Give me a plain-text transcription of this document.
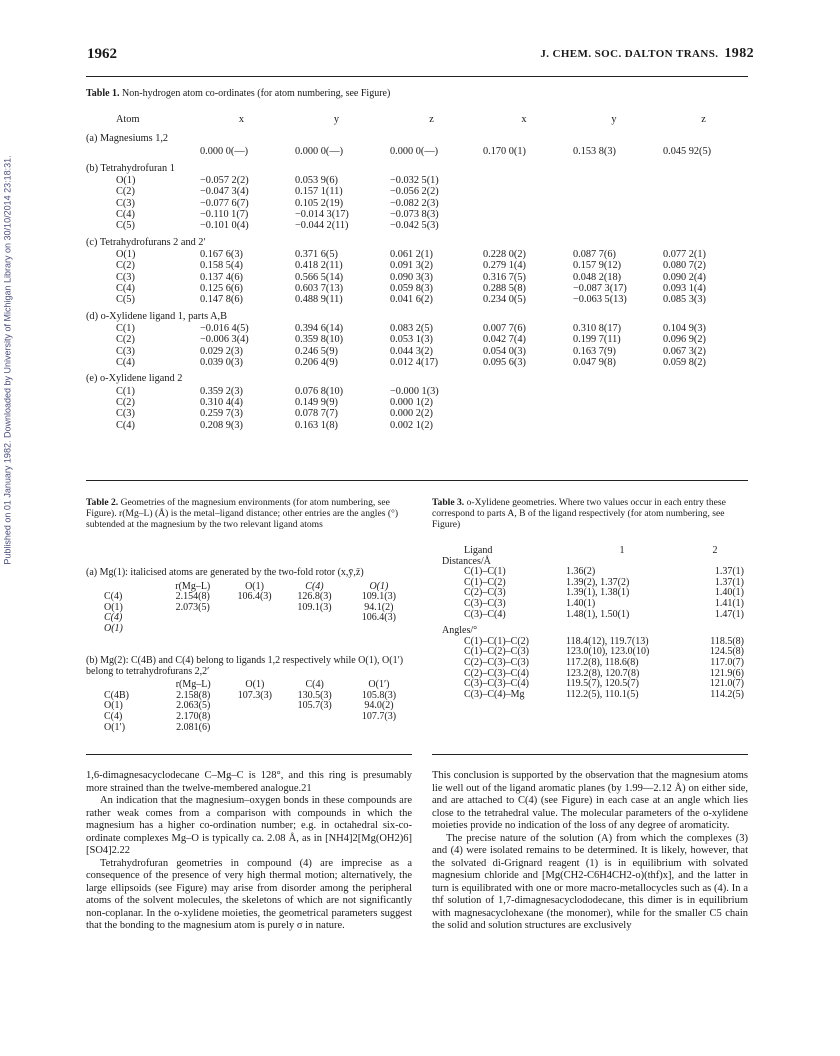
Published on 01 January 1982. Downloaded by University of Michigan Library on 30/10/2014 23:18:31.
1962	J. CHEM. SOC. DALTON TRANS. 1982
Table 1. Non-hydrogen atom co-ordinates (for atom numbering, see Figure)
Atom	x	y	z	x	y	z
(a) Magnesiums 1,2						
	0.000 0(—)	0.000 0(—)	0.000 0(—)	0.170 0(1)	0.153 8(3)	0.045 92(5)
(b) Tetrahydrofuran 1						
O(1)	−0.057 2(2)	0.053 9(6)	−0.032 5(1)			
C(2)	−0.047 3(4)	0.157 1(11)	−0.056 2(2)			
C(3)	−0.077 6(7)	0.105 2(19)	−0.082 2(3)			
C(4)	−0.110 1(7)	−0.014 3(17)	−0.073 8(3)			
C(5)	−0.101 0(4)	−0.044 2(11)	−0.042 5(3)			
(c) Tetrahydrofurans 2 and 2′						
O(1)	0.167 6(3)	0.371 6(5)	0.061 2(1)	0.228 0(2)	0.087 7(6)	0.077 2(1)
C(2)	0.158 5(4)	0.418 2(11)	0.091 3(2)	0.279 1(4)	0.157 9(12)	0.080 7(2)
C(3)	0.137 4(6)	0.566 5(14)	0.090 3(3)	0.316 7(5)	0.048 2(18)	0.090 2(4)
C(4)	0.125 6(6)	0.603 7(13)	0.059 8(3)	0.288 5(8)	−0.087 3(17)	0.093 1(4)
C(5)	0.147 8(6)	0.488 9(11)	0.041 6(2)	0.234 0(5)	−0.063 5(13)	0.085 3(3)
(d) o-Xylidene ligand 1, parts A,B						
C(1)	−0.016 4(5)	0.394 6(14)	0.083 2(5)	0.007 7(6)	0.310 8(17)	0.104 9(3)
C(2)	−0.006 3(4)	0.359 8(10)	0.053 1(3)	0.042 7(4)	0.199 7(11)	0.096 9(2)
C(3)	0.029 2(3)	0.246 5(9)	0.044 3(2)	0.054 0(3)	0.163 7(9)	0.067 3(2)
C(4)	0.039 0(3)	0.206 4(9)	0.012 4(17)	0.095 6(3)	0.047 9(8)	0.059 8(2)
(e) o-Xylidene ligand 2						
C(1)	0.359 2(3)	0.076 8(10)	−0.000 1(3)			
C(2)	0.310 4(4)	0.149 9(9)	0.000 1(2)			
C(3)	0.259 7(3)	0.078 7(7)	0.000 2(2)			
C(4)	0.208 9(3)	0.163 1(8)	0.002 1(2)			
Table 2. Geometries of the magnesium environments (for atom numbering, see Figure). r(Mg–L) (Å) is the metal–ligand distance; other entries are the angles (°) subtended at the magnesium by the two relevant ligand atoms
Table 3. o-Xylidene geometries. Where two values occur in each entry these correspond to parts A, B of the ligand respectively (for atom numbering, see Figure)
(a) Mg(1): italicised atoms are generated by the two-fold rotor (x,ȳ,z̄)				
	r(Mg–L)	O(1)	C(4)	O(1)
C(4)	2.154(8)	106.4(3)	126.8(3)	109.1(3)
O(1)	2.073(5)		109.1(3)	94.1(2)
C(4)				106.4(3)
O(1)				
(b) Mg(2): C(4B) and C(4) belong to ligands 1,2 respectively while O(1), O(1′) belong to tetrahydrofurans 2,2′				
	r(Mg–L)	O(1)	C(4)	O(1′)
C(4B)	2.158(8)	107.3(3)	130.5(3)	105.8(3)
O(1)	2.063(5)		105.7(3)	94.0(2)
C(4)	2.170(8)			107.7(3)
O(1′)	2.081(6)			
Ligand	1	2
Distances/Å		
C(1)–C(1)	1.36(2)	1.37(1)
C(1)–C(2)	1.39(2), 1.37(2)	1.37(1)
C(2)–C(3)	1.39(1), 1.38(1)	1.40(1)
C(3)–C(3)	1.40(1)	1.41(1)
C(3)–C(4)	1.48(1), 1.50(1)	1.47(1)
Angles/°		
C(1)–C(1)–C(2)	118.4(12), 119.7(13)	118.5(8)
C(1)–C(2)–C(3)	123.0(10), 123.0(10)	124.5(8)
C(2)–C(3)–C(3)	117.2(8), 118.6(8)	117.0(7)
C(2)–C(3)–C(4)	123.2(8), 120.7(8)	121.9(6)
C(3)–C(3)–C(4)	119.5(7), 120.5(7)	121.0(7)
C(3)–C(4)–Mg	112.2(5), 110.1(5)	114.2(5)

1,6-dimagnesacyclodecane C–Mg–C is 128°, and this ring is presumably more strained than the twelve-membered analogue.21

An indication that the magnesium–oxygen bonds in these compounds are rather weak comes from a comparison with compounds in which the magnesium has a higher co-ordination number; e.g. in octahedral six-co-ordinate complexes Mg–O is typically ca. 2.08 Å, as in [NH4]2[Mg(OH2)6][SO4]2.22

Tetrahydrofuran geometries in compound (4) are imprecise as a consequence of the presence of very high thermal motion; alternatively, the large ellipsoids (see Figure) may arise from disorder among the peripheral atoms of the solvent molecules, the skeletons of which are not significantly non-coplanar. In the o-xylidene moieties, the geometrical parameters suggest that the bonding to the magnesium atom is purely σ in nature.

This conclusion is supported by the observation that the magnesium atoms lie well out of the ligand aromatic planes (by 1.99—2.12 Å) on either side, and are attached to C(4) (see Figure) in each case at an angle which lies close to the tetrahedral value. The molecular parameters of the o-xylidene moieties provide no indication of the loss of any degree of aromaticity.

The precise nature of the solution (A) from which the complexes (3) and (4) were isolated remains to be determined. It is likely, however, that the solvated di-Grignard reagent (1) is in equilibrium with solvated magnesium chloride and [Mg(CH2-C6H4CH2-o)(thf)x], and the latter in turn is equilibrated with one or more macro-metallocycles such as (4). In a thf solution of 1,7-dimagnesacyclododecane, this dimer is in equilibrium with magnesacyclohexane (the monomer), while for the smaller C5 chain the solid and solution structures are exclusively
